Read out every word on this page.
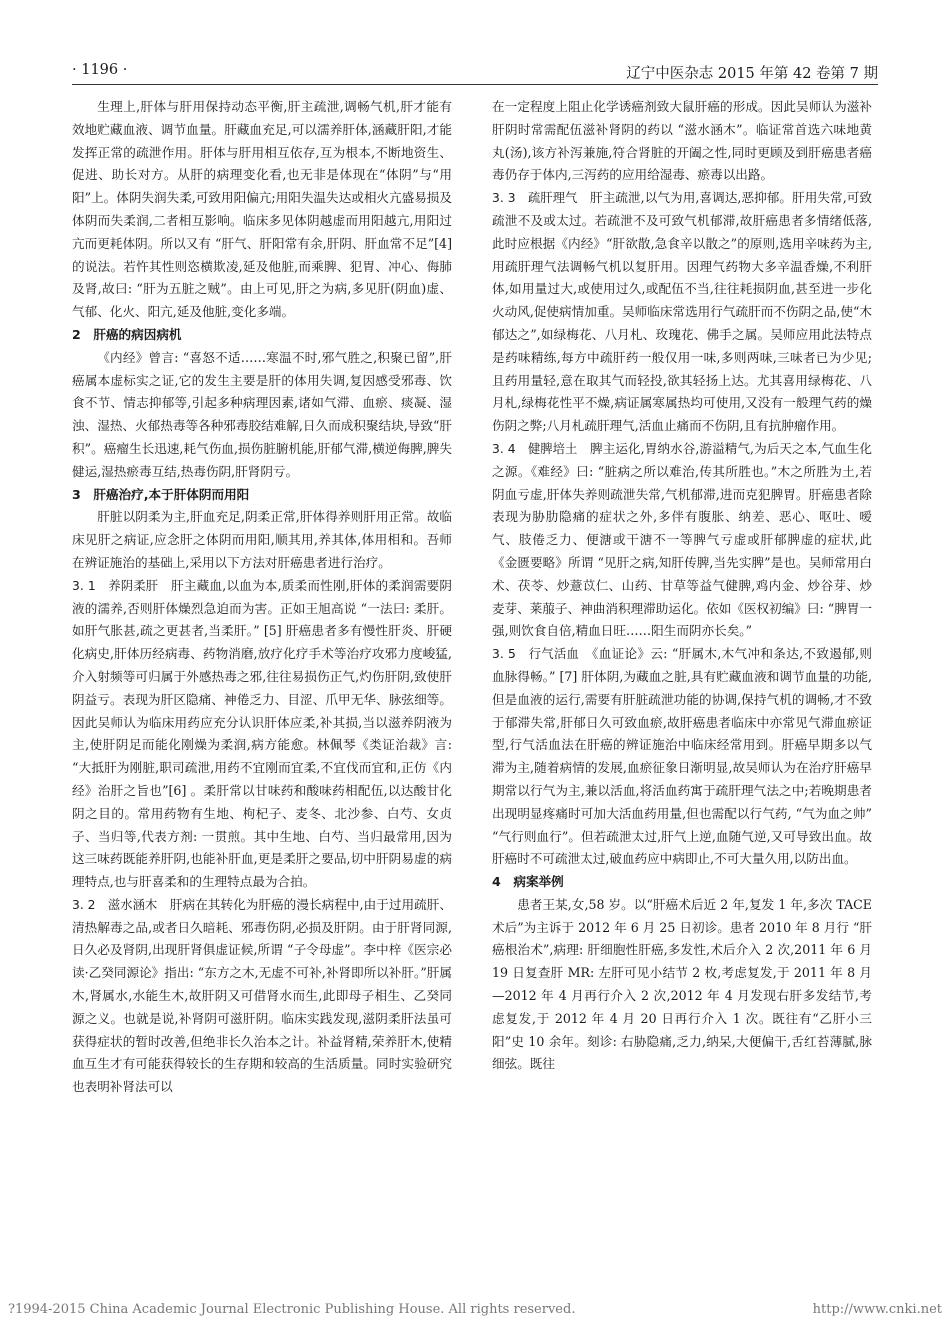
· 1196 ·	辽宁中医杂志 2015 年第 42 卷第 7 期

生理上,肝体与肝用保持动态平衡,肝主疏泄,调畅气机,肝才能有效地贮藏血液、调节血量。肝藏血充足,可以濡养肝体,涵藏肝阳,才能发挥正常的疏泄作用。肝体与肝用相互依存,互为根本,不断地资生、促进、助长对方。从肝的病理变化看,也无非是体现在“体阴”与“用阳”上。体阴失润失柔,可致用阳偏亢;用阳失温失达或相火亢盛易损及体阴而失柔润,二者相互影响。临床多见体阴越虚而用阳越亢,用阳过亢而更耗体阴。所以又有 “肝气、肝阳常有余,肝阴、肝血常不足”[4] 的说法。若忤其性则恣横欺凌,延及他脏,而乘脾、犯胃、冲心、侮肺及肾,故曰: “肝为五脏之贼”。由上可见,肝之为病,多见肝(阴血)虚、气郁、化火、阳亢,延及他脏,变化多端。

2　肝癌的病因病机

《内经》曾言: “喜怒不适……寒温不时,邪气胜之,积聚已留”,肝癌属本虚标实之证,它的发生主要是肝的体用失调,复因感受邪毒、饮食不节、情志抑郁等,引起多种病理因素,诸如气滞、血瘀、痰凝、湿浊、湿热、火郁热毒等各种邪毒胶结难解,日久而成积聚结块,导致“肝积”。癌瘤生长迅速,耗气伤血,损伤脏腑机能,肝郁气滞,横逆侮脾,脾失健运,湿热瘀毒互结,热毒伤阴,肝肾阴亏。

3　肝癌治疗,本于肝体阴而用阳

肝脏以阴柔为主,肝血充足,阴柔正常,肝体得养则肝用正常。故临床见肝之病证,应念肝之体阴而用阳,顺其用,养其体,体用相和。吾师在辨证施治的基础上,采用以下方法对肝癌患者进行治疗。

3. 1　养阴柔肝　肝主藏血,以血为本,质柔而性刚,肝体的柔润需要阴液的濡养,否则肝体燥烈急迫而为害。正如王旭高说 “一法曰: 柔肝。如肝气胀甚,疏之更甚者,当柔肝。” [5] 肝癌患者多有慢性肝炎、肝硬化病史,肝体历经病毒、药物消磨,放疗化疗手术等治疗攻邪力度峻猛,介入射频等可归属于外感热毒之邪,往往易损伤正气,灼伤肝阴,致使肝阴益亏。表现为肝区隐痛、神倦乏力、目涩、爪甲无华、脉弦细等。因此吴师认为临床用药应充分认识肝体应柔,补其损,当以滋养阴液为主,使肝阴足而能化刚燥为柔润,病方能愈。林佩琴《类证治裁》言: “大抵肝为刚脏,职司疏泄,用药不宜刚而宜柔,不宜伐而宜和,正仿《内经》治肝之旨也”[6] 。柔肝常以甘味药和酸味药相配伍,以达酸甘化阴之目的。常用药物有生地、枸杞子、麦冬、北沙参、白芍、女贞子、当归等,代表方剂: 一贯煎。其中生地、白芍、当归最常用,因为这三味药既能养肝阴,也能补肝血,更是柔肝之要品,切中肝阴易虚的病理特点,也与肝喜柔和的生理特点最为合拍。

3. 2　滋水涵木　肝病在其转化为肝癌的漫长病程中,由于过用疏肝、清热解毒之品,或者日久暗耗、邪毒伤阴,必损及肝阴。由于肝肾同源,日久必及肾阴,出现肝肾俱虚证候,所谓 “子令母虚”。李中梓《医宗必读·乙癸同源论》指出: “东方之木,无虚不可补,补肾即所以补肝。”肝属木,肾属水,水能生木,故肝阴又可借肾水而生,此即母子相生、乙癸同源之义。也就是说,补肾阴可滋肝阴。临床实践发现,滋阴柔肝法虽可获得症状的暂时改善,但绝非长久治本之计。补益肾精,荣养肝木,使精血互生才有可能获得较长的生存期和较高的生活质量。同时实验研究也表明补肾法可以

在一定程度上阻止化学诱癌剂致大鼠肝癌的形成。因此吴师认为滋补肝阴时常需配伍滋补肾阴的药以 “滋水涵木”。临证常首选六味地黄丸(汤),该方补泻兼施,符合肾脏的开阖之性,同时更顾及到肝癌患者癌毒仍存于体内,三泻药的应用给湿毒、瘀毒以出路。

3. 3　疏肝理气　肝主疏泄,以气为用,喜调达,恶抑郁。肝用失常,可致疏泄不及或太过。若疏泄不及可致气机郁滞,故肝癌患者多情绪低落,此时应根据《内经》“肝欲散,急食辛以散之”的原则,选用辛味药为主,用疏肝理气法调畅气机以复肝用。因理气药物大多辛温香燥,不利肝体,如用量过大,或使用过久,或配伍不当,往往耗损阴血,甚至进一步化火动风,促使病情加重。吴师临床常选用行气疏肝而不伤阴之品,使“木郁达之”,如绿梅花、八月札、玫瑰花、佛手之属。吴师应用此法特点是药味精练,每方中疏肝药一般仅用一味,多则两味,三味者已为少见;且药用量轻,意在取其气而轻投,欲其轻扬上达。尤其喜用绿梅花、八月札,绿梅花性平不燥,病证属寒属热均可使用,又没有一般理气药的燥伤阴之弊;八月札疏肝理气,活血止痛而不伤阴,且有抗肿瘤作用。

3. 4　健脾培土　脾主运化,胃纳水谷,游溢精气,为后天之本,气血生化之源。《难经》曰: “脏病之所以难治,传其所胜也。”木之所胜为土,若阴血亏虚,肝体失养则疏泄失常,气机郁滞,进而克犯脾胃。肝癌患者除表现为胁肋隐痛的症状之外,多伴有腹胀、纳差、恶心、呕吐、嗳气、肢倦乏力、便溏或干溏不一等脾气亏虚或肝郁脾虚的症状,此《金匮要略》所谓 “见肝之病,知肝传脾,当先实脾”是也。吴师常用白术、茯苓、炒薏苡仁、山药、甘草等益气健脾,鸡内金、炒谷芽、炒麦芽、莱菔子、神曲消积理滞助运化。依如《医权初编》曰: “脾胃一强,则饮食自倍,精血日旺……阳生而阴亦长矣。”

3. 5　行气活血　《血证论》云: “肝属木,木气冲和条达,不致遏郁,则血脉得畅。” [7] 肝体阴,为藏血之脏,具有贮藏血液和调节血量的功能,但是血液的运行,需要有肝脏疏泄功能的协调,保持气机的调畅,才不致于郁滞失常,肝郁日久可致血瘀,故肝癌患者临床中亦常见气滞血瘀证型,行气活血法在肝癌的辨证施治中临床经常用到。肝癌早期多以气滞为主,随着病情的发展,血瘀征象日渐明显,故吴师认为在治疗肝癌早期常以行气为主,兼以活血,将活血药寓于疏肝理气法之中;若晚期患者出现明显疼痛时可加大活血药用量,但也需配以行气药, “气为血之帅” “气行则血行”。但若疏泄太过,肝气上逆,血随气逆,又可导致出血。故肝癌时不可疏泄太过,破血药应中病即止,不可大量久用,以防出血。

4　病案举例

患者王某,女,58 岁。以“肝癌术后近 2 年,复发 1 年,多次 TACE 术后”为主诉于 2012 年 6 月 25 日初诊。患者 2010 年 8 月行 “肝癌根治术”,病理: 肝细胞性肝癌,多发性,术后介入 2 次,2011 年 6 月 19 日复查肝 MR: 左肝可见小结节 2 枚,考虑复发,于 2011 年 8 月—2012 年 4 月再行介入 2 次,2012 年 4 月发现右肝多发结节,考虑复发,于 2012 年 4 月 20 日再行介入 1 次。既往有“乙肝小三阳”史 10 余年。刻诊: 右胁隐痛,乏力,纳呆,大便偏干,舌红苔薄腻,脉细弦。既往

?1994-2015 China Academic Journal Electronic Publishing House. All rights reserved.	http://www.cnki.net
